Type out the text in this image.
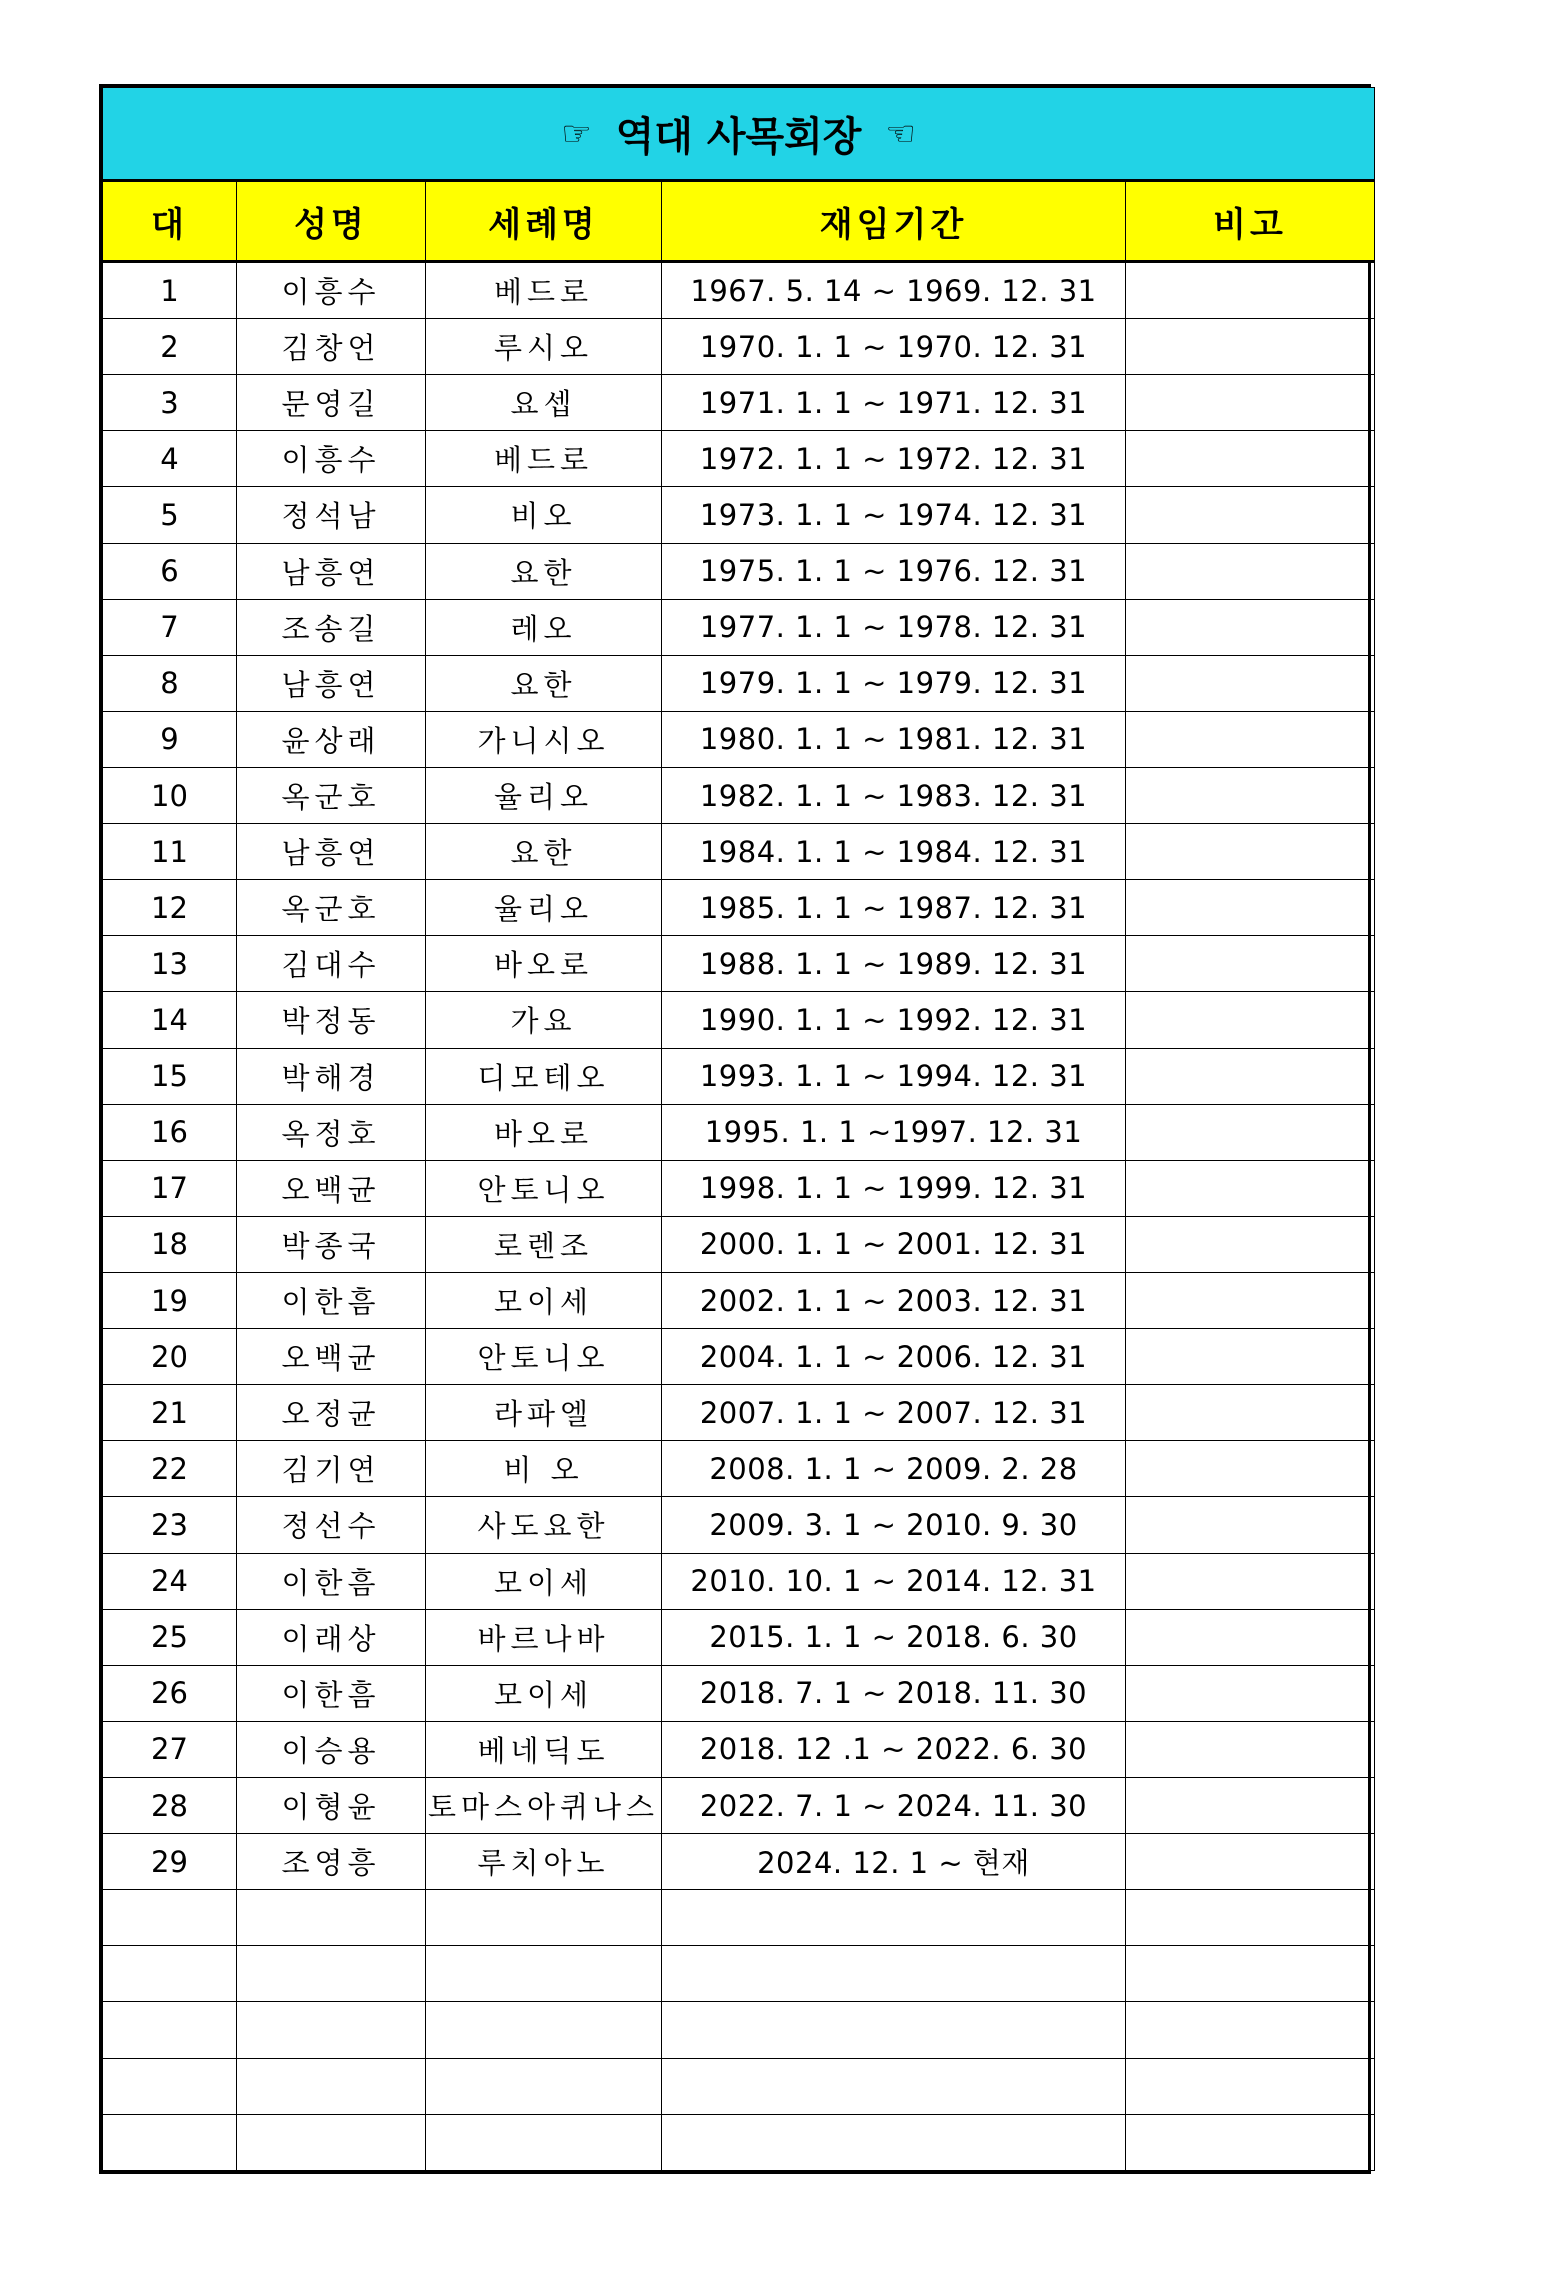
☞ 역대 사목회장 ☜				
대	성명	세례명	재임기간	비고
1	이흥수	베드로	1967. 5. 14 ~ 1969. 12. 31	
2	김창언	루시오	1970. 1. 1 ~ 1970. 12. 31	
3	문영길	요셉	1971. 1. 1 ~ 1971. 12. 31	
4	이흥수	베드로	1972. 1. 1 ~ 1972. 12. 31	
5	정석남	비오	1973. 1. 1 ~ 1974. 12. 31	
6	남흥연	요한	1975. 1. 1 ~ 1976. 12. 31	
7	조송길	레오	1977. 1. 1 ~ 1978. 12. 31	
8	남흥연	요한	1979. 1. 1 ~ 1979. 12. 31	
9	윤상래	가니시오	1980. 1. 1 ~ 1981. 12. 31	
10	옥군호	율리오	1982. 1. 1 ~ 1983. 12. 31	
11	남흥연	요한	1984. 1. 1 ~ 1984. 12. 31	
12	옥군호	율리오	1985. 1. 1 ~ 1987. 12. 31	
13	김대수	바오로	1988. 1. 1 ~ 1989. 12. 31	
14	박정동	가요	1990. 1. 1 ~ 1992. 12. 31	
15	박해경	디모테오	1993. 1. 1 ~ 1994. 12. 31	
16	옥정호	바오로	1995. 1. 1 ~1997. 12. 31	
17	오백균	안토니오	1998. 1. 1 ~ 1999. 12. 31	
18	박종국	로렌조	2000. 1. 1 ~ 2001. 12. 31	
19	이한흠	모이세	2002. 1. 1 ~ 2003. 12. 31	
20	오백균	안토니오	2004. 1. 1 ~ 2006. 12. 31	
21	오정균	라파엘	2007. 1. 1 ~ 2007. 12. 31	
22	김기연	비 오	2008. 1. 1 ~ 2009. 2. 28	
23	정선수	사도요한	2009. 3. 1 ~ 2010. 9. 30	
24	이한흠	모이세	2010. 10. 1 ~ 2014. 12. 31	
25	이래상	바르나바	2015. 1. 1 ~ 2018. 6. 30	
26	이한흠	모이세	2018. 7. 1 ~ 2018. 11. 30	
27	이승용	베네딕도	2018. 12 .1 ~ 2022. 6. 30	
28	이형윤	토마스아퀴나스	2022. 7. 1 ~ 2024. 11. 30	
29	조영흥	루치아노	2024. 12. 1 ~ 현재	
